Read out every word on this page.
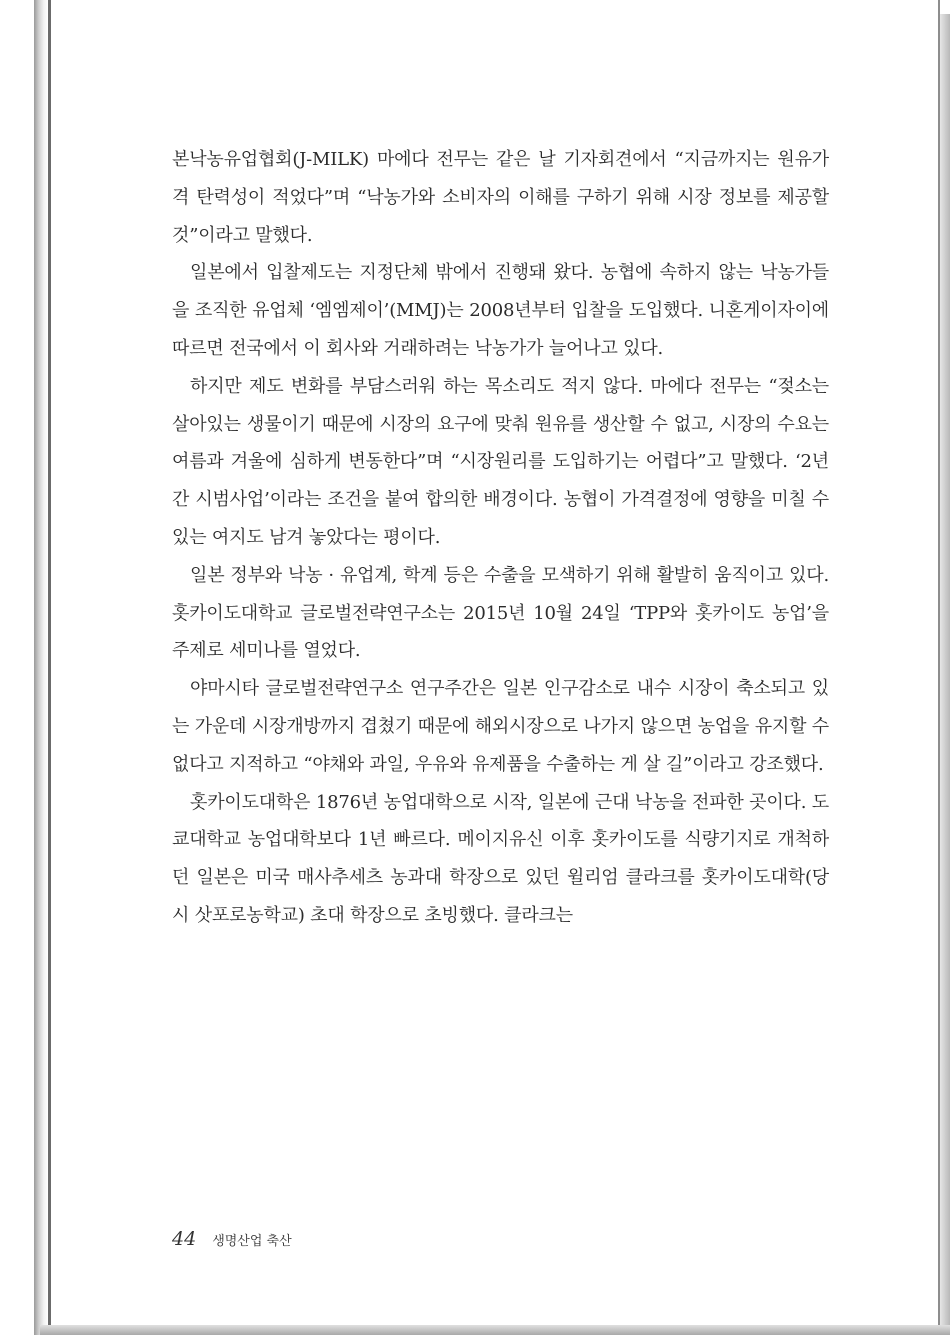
본낙농유업협회(J-MILK) 마에다 전무는 같은 날 기자회견에서 “지금까지는 원유가격 탄력성이 적었다”며 “낙농가와 소비자의 이해를 구하기 위해 시장 정보를 제공할 것”이라고 말했다.

일본에서 입찰제도는 지정단체 밖에서 진행돼 왔다. 농협에 속하지 않는 낙농가들을 조직한 유업체 ‘엠엠제이’(MMJ)는 2008년부터 입찰을 도입했다. 니혼게이자이에 따르면 전국에서 이 회사와 거래하려는 낙농가가 늘어나고 있다.

하지만 제도 변화를 부담스러워 하는 목소리도 적지 않다. 마에다 전무는 “젖소는 살아있는 생물이기 때문에 시장의 요구에 맞춰 원유를 생산할 수 없고, 시장의 수요는 여름과 겨울에 심하게 변동한다”며 “시장원리를 도입하기는 어렵다”고 말했다. ‘2년간 시범사업’이라는 조건을 붙여 합의한 배경이다. 농협이 가격결정에 영향을 미칠 수 있는 여지도 남겨 놓았다는 평이다.

일본 정부와 낙농 · 유업계, 학계 등은 수출을 모색하기 위해 활발히 움직이고 있다. 홋카이도대학교 글로벌전략연구소는 2015년 10월 24일 ‘TPP와 홋카이도 농업’을 주제로 세미나를 열었다.

야마시타 글로벌전략연구소 연구주간은 일본 인구감소로 내수 시장이 축소되고 있는 가운데 시장개방까지 겹쳤기 때문에 해외시장으로 나가지 않으면 농업을 유지할 수 없다고 지적하고 “야채와 과일, 우유와 유제품을 수출하는 게 살 길”이라고 강조했다.

홋카이도대학은 1876년 농업대학으로 시작, 일본에 근대 낙농을 전파한 곳이다. 도쿄대학교 농업대학보다 1년 빠르다. 메이지유신 이후 홋카이도를 식량기지로 개척하던 일본은 미국 매사추세츠 농과대 학장으로 있던 윌리엄 클라크를 홋카이도대학(당시 삿포로농학교) 초대 학장으로 초빙했다. 클라크는

44 생명산업 축산
